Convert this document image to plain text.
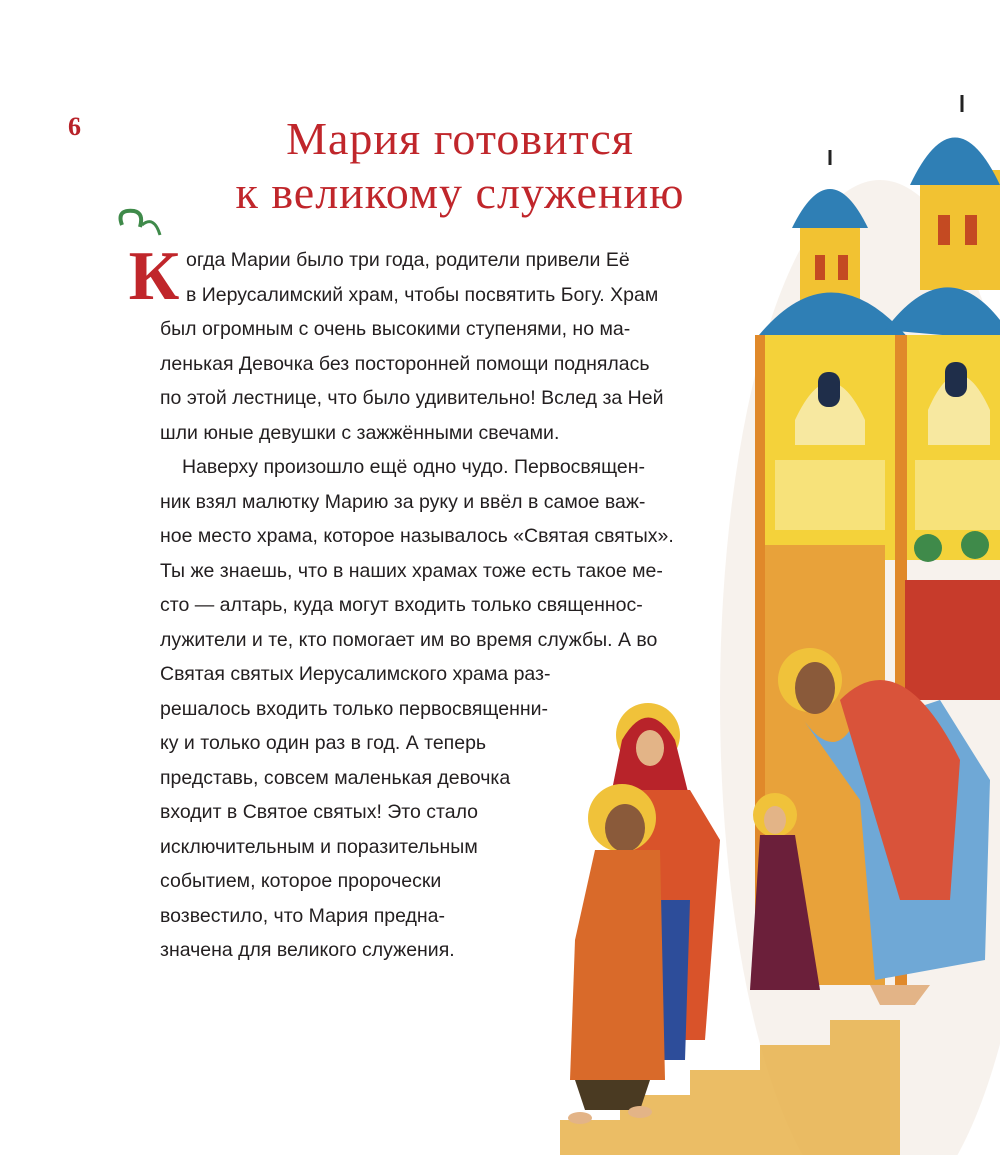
6	Мария готовится
к великому служению
К огда Марии было три года, родители привели Её
в Иерусалимский храм, чтобы посвятить Богу. Храм
был огромным с очень высокими ступенями, но ма-
ленькая Девочка без посторонней помощи поднялась
по этой лестнице, что было удивительно! Вслед за Ней
шли юные девушки с зажжёнными свечами.
Наверху произошло ещё одно чудо. Первосвящен-
ник взял малютку Марию за руку и ввёл в самое важ-
ное место храма, которое называлось «Святая святых».
Ты же знаешь, что в наших храмах тоже есть такое ме-
сто — алтарь, куда могут входить только священнос-
лужители и те, кто помогает им во время службы. А во
Святая святых Иерусалимского храма раз-
решалось входить только первосвященни-
ку и только один раз в год. А теперь
представь, совсем маленькая девочка
входит в Святое святых! Это стало
исключительным и поразительным
событием, которое пророчески
возвестило, что Мария предна-
значена для великого служения.
